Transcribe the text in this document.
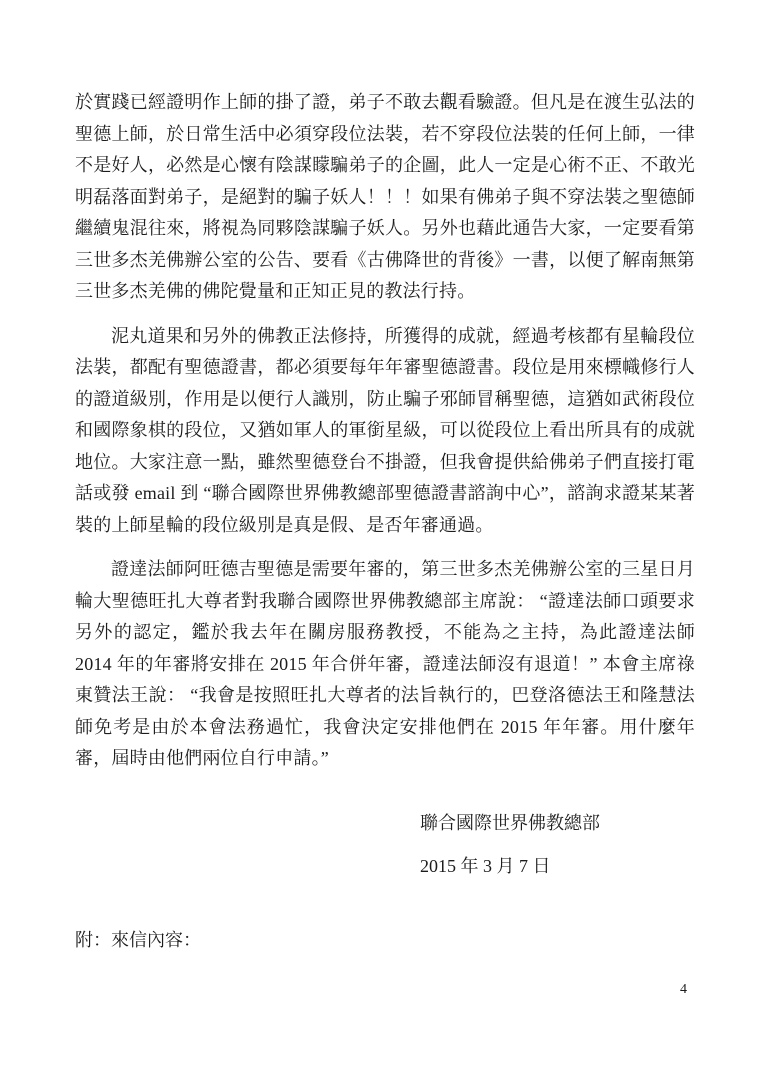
於實踐已經證明作上師的掛了證，弟子不敢去觀看驗證。但凡是在渡生弘法的聖德上師，於日常生活中必須穿段位法裝，若不穿段位法裝的任何上師，一律不是好人，必然是心懷有陰謀矇騙弟子的企圖，此人一定是心術不正、不敢光明磊落面對弟子，是絕對的騙子妖人！！！如果有佛弟子與不穿法裝之聖德師繼續鬼混往來，將視為同夥陰謀騙子妖人。另外也藉此通告大家，一定要看第三世多杰羌佛辦公室的公告、要看《古佛降世的背後》一書，以便了解南無第三世多杰羌佛的佛陀覺量和正知正見的教法行持。

泥丸道果和另外的佛教正法修持，所獲得的成就，經過考核都有星輪段位法裝，都配有聖德證書，都必須要每年年審聖德證書。段位是用來標幟修行人的證道級別，作用是以便行人識別，防止騙子邪師冒稱聖德，這猶如武術段位和國際象棋的段位，又猶如軍人的軍銜星級，可以從段位上看出所具有的成就地位。大家注意一點，雖然聖德登台不掛證，但我會提供給佛弟子們直接打電話或發 email 到 “聯合國際世界佛教總部聖德證書諮詢中心”，諮詢求證某某著裝的上師星輪的段位級別是真是假、是否年審通過。

證達法師阿旺德吉聖德是需要年審的，第三世多杰羌佛辦公室的三星日月輪大聖德旺扎大尊者對我聯合國際世界佛教總部主席說： “證達法師口頭要求另外的認定，鑑於我去年在關房服務教授，不能為之主持，為此證達法師 2014 年的年審將安排在 2015 年合併年審，證達法師沒有退道！” 本會主席祿東贊法王說： “我會是按照旺扎大尊者的法旨執行的，巴登洛德法王和隆慧法師免考是由於本會法務過忙，我會決定安排他們在 2015 年年審。用什麼年審，屆時由他們兩位自行申請。”

聯合國際世界佛教總部
2015 年 3 月 7 日
附：來信內容：
4
